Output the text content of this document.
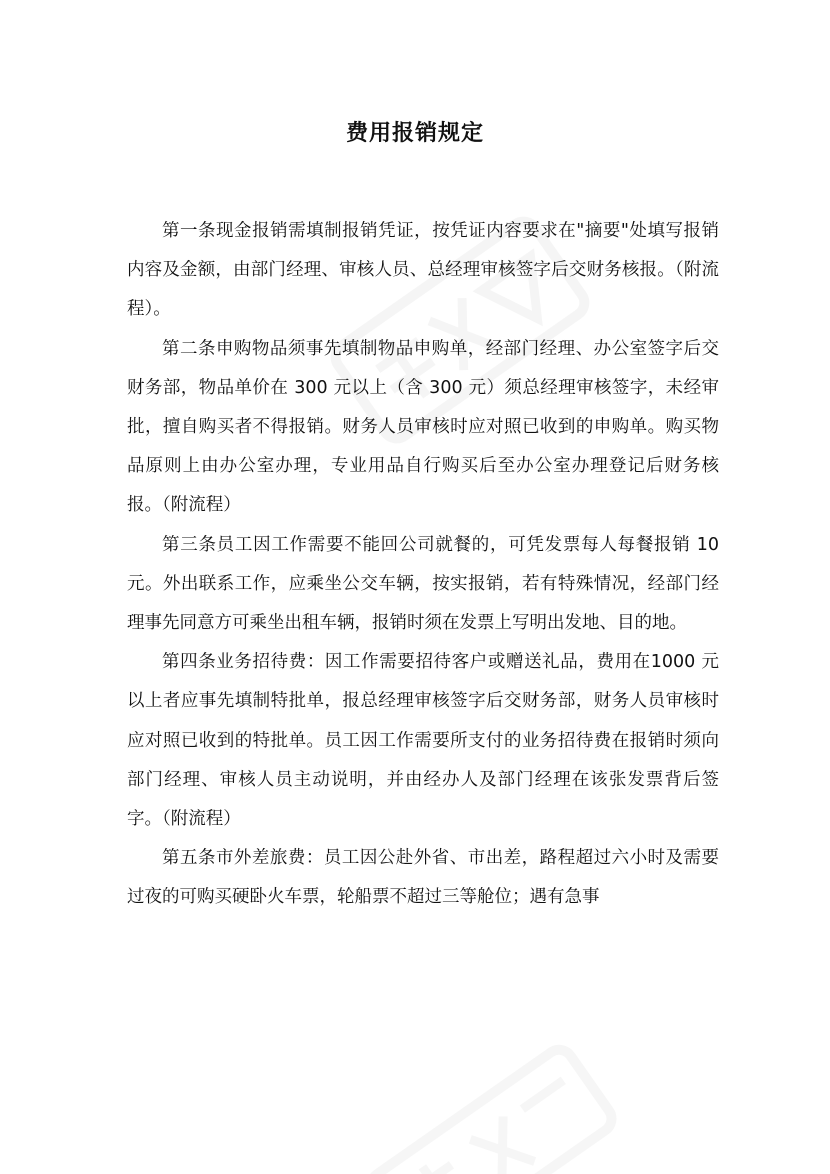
费用报销规定

第一条现金报销需填制报销凭证，按凭证内容要求在"摘要"处填写报销内容及金额，由部门经理、审核人员、总经理审核签字后交财务核报。（附流程）。

第二条申购物品须事先填制物品申购单，经部门经理、办公室签字后交财务部，物品单价在 300 元以上（含 300 元）须总经理审核签字，未经审批，擅自购买者不得报销。财务人员审核时应对照已收到的申购单。购买物品原则上由办公室办理，专业用品自行购买后至办公室办理登记后财务核报。（附流程）

第三条员工因工作需要不能回公司就餐的，可凭发票每人每餐报销 10 元。外出联系工作，应乘坐公交车辆，按实报销，若有特殊情况，经部门经理事先同意方可乘坐出租车辆，报销时须在发票上写明出发地、目的地。

第四条业务招待费：因工作需要招待客户或赠送礼品，费用在1000 元以上者应事先填制特批单，报总经理审核签字后交财务部，财务人员审核时应对照已收到的特批单。员工因工作需要所支付的业务招待费在报销时须向部门经理、审核人员主动说明，并由经办人及部门经理在该张发票背后签字。（附流程）

第五条市外差旅费：员工因公赴外省、市出差，路程超过六小时及需要过夜的可购买硬卧火车票，轮船票不超过三等舱位；遇有急事
